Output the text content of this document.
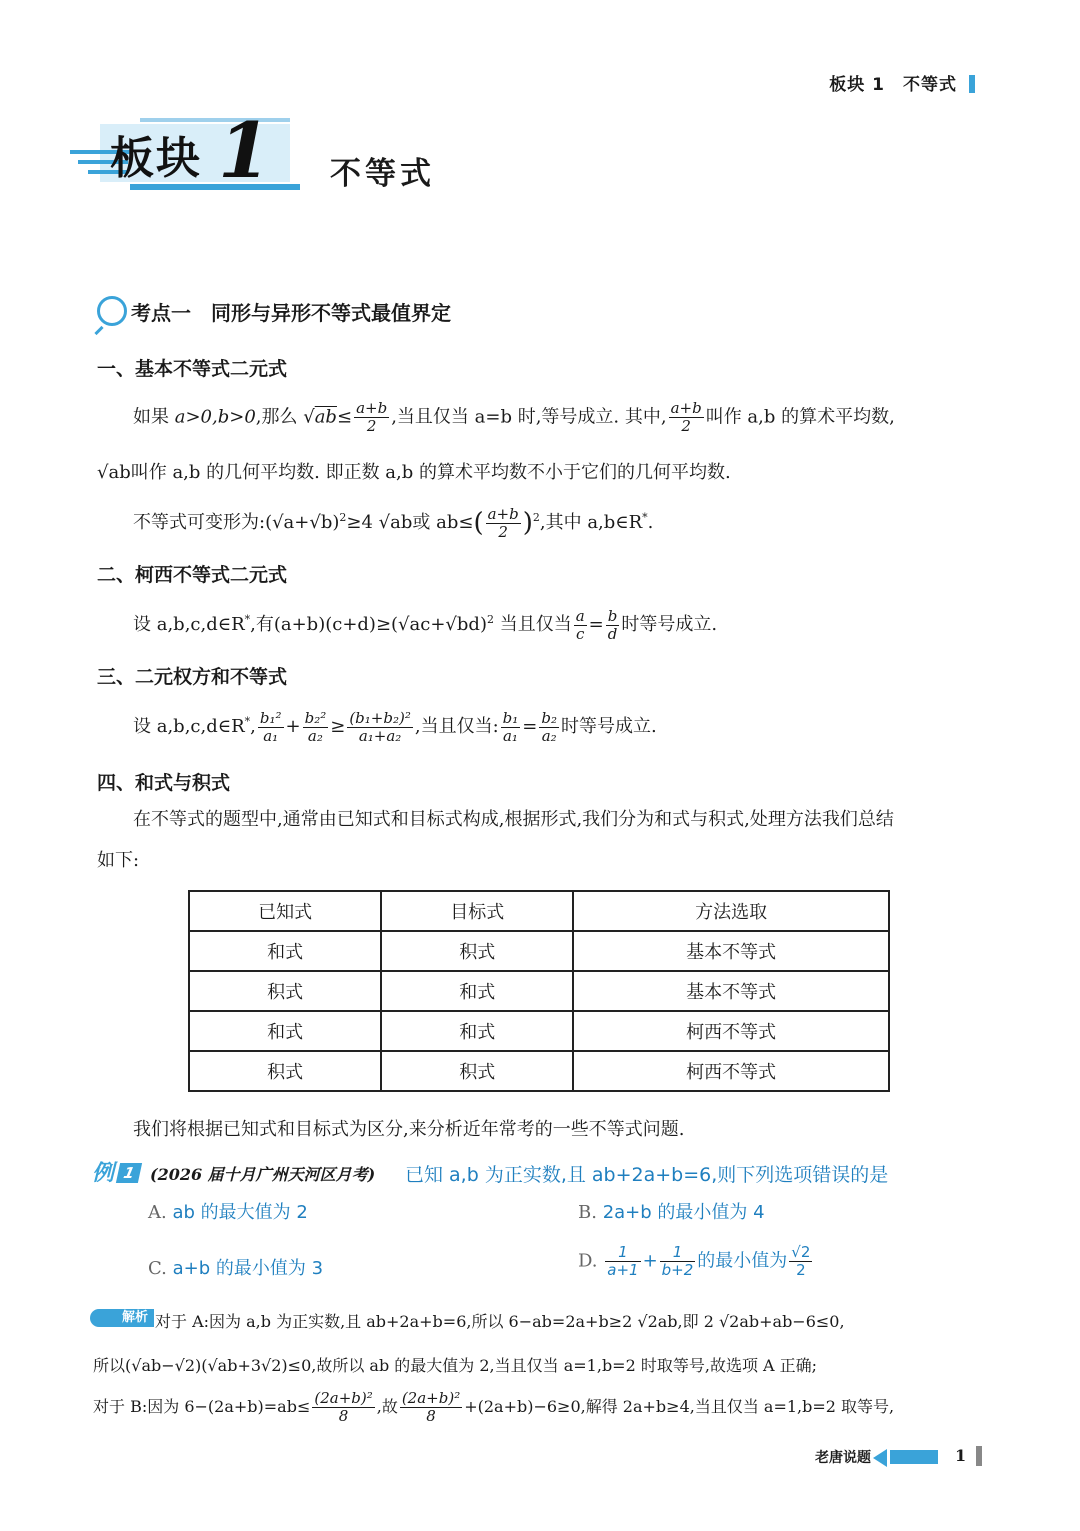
板块 1　不等式
板块 1 不等式
考点一　同形与异形不等式最值界定
一、基本不等式二元式
如果 a>0,b>0,那么 $√ab\le \frac{a+b}{2}$ ,当且仅当 a=b 时,等号成立. 其中, $\frac{a+b}{2}$ 叫作 a,b 的算术平均数,
√ab叫作 a,b 的几何平均数. 即正数 a,b 的算术平均数不小于它们的几何平均数.
不等式可变形为$:(√a+√b)^2\ge 4$ √ab或 $ab\le( \frac{a+b}{2} )^2$,其中 a,b∈R*.
二、柯西不等式二元式
设 a,b,c,d∈R*,有$(a+b)(c+d)\ge(√ac+√bd)^2$ 当且仅当 $\frac{a}{c} = \frac{b}{d}$ 时等号成立.
三、二元权方和不等式
设 a,b,c,d∈R*, $\frac{\text{b₁²}}{\text{a₁}} + \frac{\text{b₂²}}{\text{a₂}} \ge \frac{\text{(b₁+b₂)²}}{\text{a₁+a₂}}$ ,当且仅当: $\frac{\text{b₁}}{\text{a₁}} = \frac{\text{b₂}}{\text{a₂}}$ 时等号成立.
四、和式与积式
在不等式的题型中,通常由已知式和目标式构成,根据形式,我们分为和式与积式,处理方法我们总结
如下:
已知式	目标式	方法选取
和式	积式	基本不等式
积式	和式	基本不等式
和式	和式	柯西不等式
积式	积式	柯西不等式
我们将根据已知式和目标式为区分,来分析近年常考的一些不等式问题.
例 1 (2026 届十月广州天河区月考) 已知 a,b 为正实数,且 ab+2a+b=6,则下列选项错误的是
A. ab 的最大值为 2	B. 2a+b 的最小值为 4
C. a+b 的最小值为 3	D. $\frac{1}{a+1} + \frac{1}{b+2}$ 的最小值为 $\frac{√2}{2}$
解析 对于 A:因为 a,b 为正实数,且 ab+2a+b=6,所以 6−ab=2a+b≥2 √2ab,即 2 √2ab+ab−6≤0,
所以(√ab−√2)(√ab+3√2)≤0,故所以 ab 的最大值为 2,当且仅当 a=1,b=2 时取等号,故选项 A 正确;
对于 B:因为 $6-(2a+b)=ab\le \frac{\text{(2a+b)²}}{8}$ ,故 $\frac{\text{(2a+b)²}}{8} +(2a+b)-6\ge 0$,解得 2a+b≥4,当且仅当 a=1,b=2 取等号,
老唐说题	1
